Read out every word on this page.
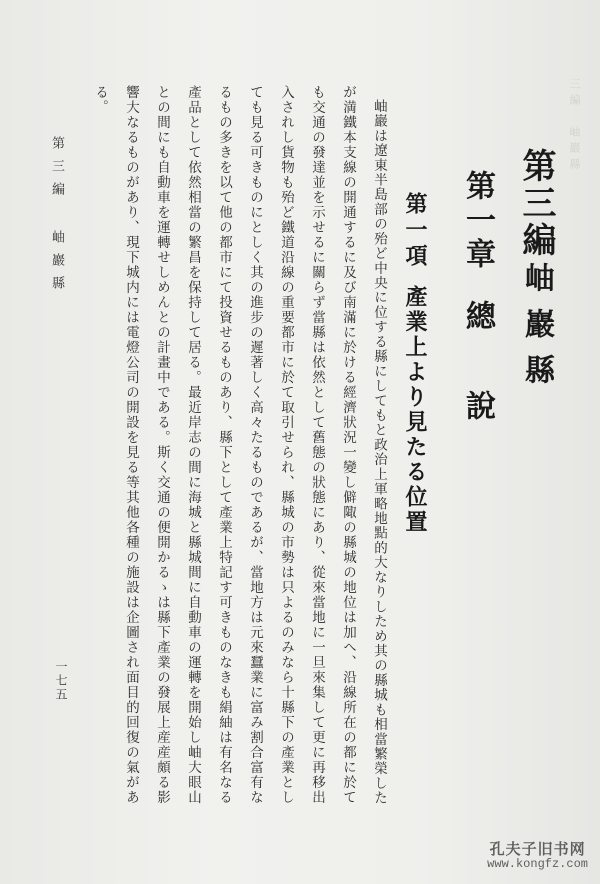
三編　岫巖縣
第三編
岫巖縣
第一章
總說
第一項
產業上より見たる位置

岫巖は遼東半島部の殆ど中央に位する縣にしてもと政治上軍略地點的大なりしため其の縣城も相當繁榮したが満鐵本支線の開通するに及び南滿に於ける經濟狀況一變し僻陬の縣城の地位は加へ、沿線所在の都に於ても交通の發達並を示せるに關らず當縣は依然として舊態の狀態にあり、從來當地に一旦來集して更に再移出入されし貨物も殆ど鐵道沿線の重要都市に於て取引せられ、縣城の市勢は只よるのみなら十縣下の產業としても見る可きものにとしく其の進步の遲著しく高々たるものであるが、當地方は元來蠶業に富み割合富有なるもの多きを以て他の都市にて投資せるものあり、縣下として產業上特記す可きものなきも絹紬は有名なる產品として依然相當の繁昌を保持して居る。最近岸志の間に海城と縣城間に自動車の運轉を開始し岫大眼山との間にも自動車を運轉せしめんとの計畫中である。斯く交通の便開かるゝは縣下產業の發展上産産頗る影響大なるものがあり、現下城内には電燈公司の開設を見る等其他各種の施設は企圖され面目的回復の氣がある。

第三編 岫巖縣
一七五
孔夫子旧书网
www.kongfz.com
